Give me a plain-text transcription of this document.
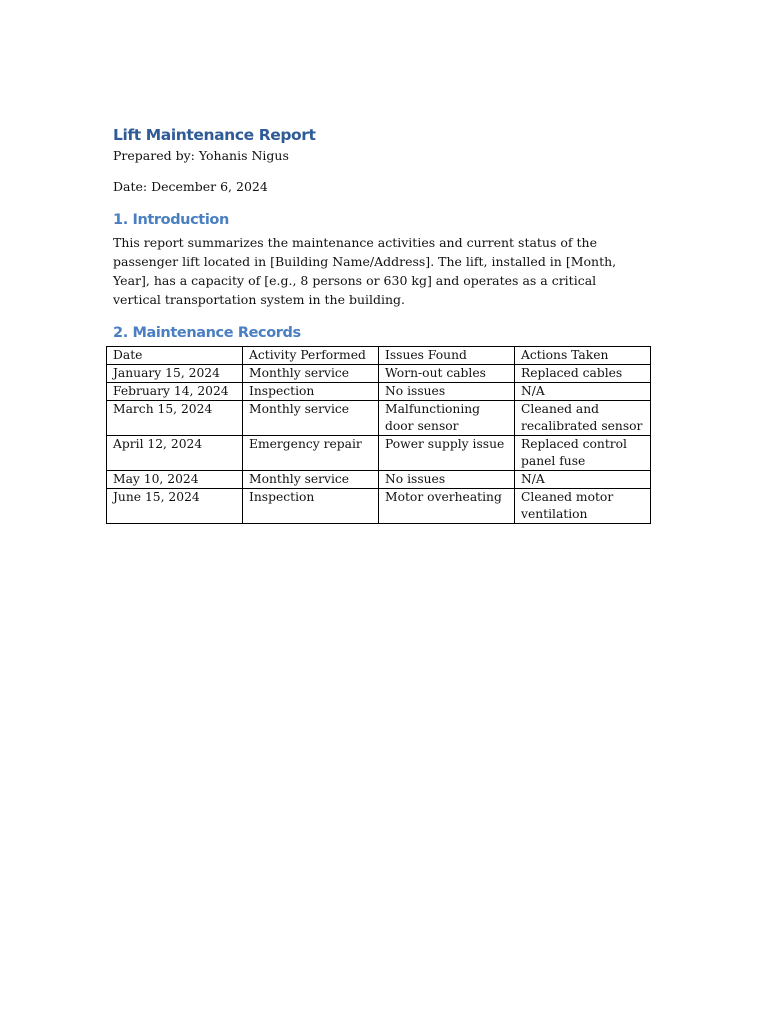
Lift Maintenance Report

Prepared by: Yohanis Nigus

Date: December 6, 2024

1. Introduction

This report summarizes the maintenance activities and current status of the passenger lift located in [Building Name/Address]. The lift, installed in [Month, Year], has a capacity of [e.g., 8 persons or 630 kg] and operates as a critical vertical transportation system in the building.

2. Maintenance Records
Date	Activity Performed	Issues Found	Actions Taken
January 15, 2024	Monthly service	Worn-out cables	Replaced cables
February 14, 2024	Inspection	No issues	N/A
March 15, 2024	Monthly service	Malfunctioning door sensor	Cleaned and recalibrated sensor
April 12, 2024	Emergency repair	Power supply issue	Replaced control panel fuse
May 10, 2024	Monthly service	No issues	N/A
June 15, 2024	Inspection	Motor overheating	Cleaned motor ventilation
